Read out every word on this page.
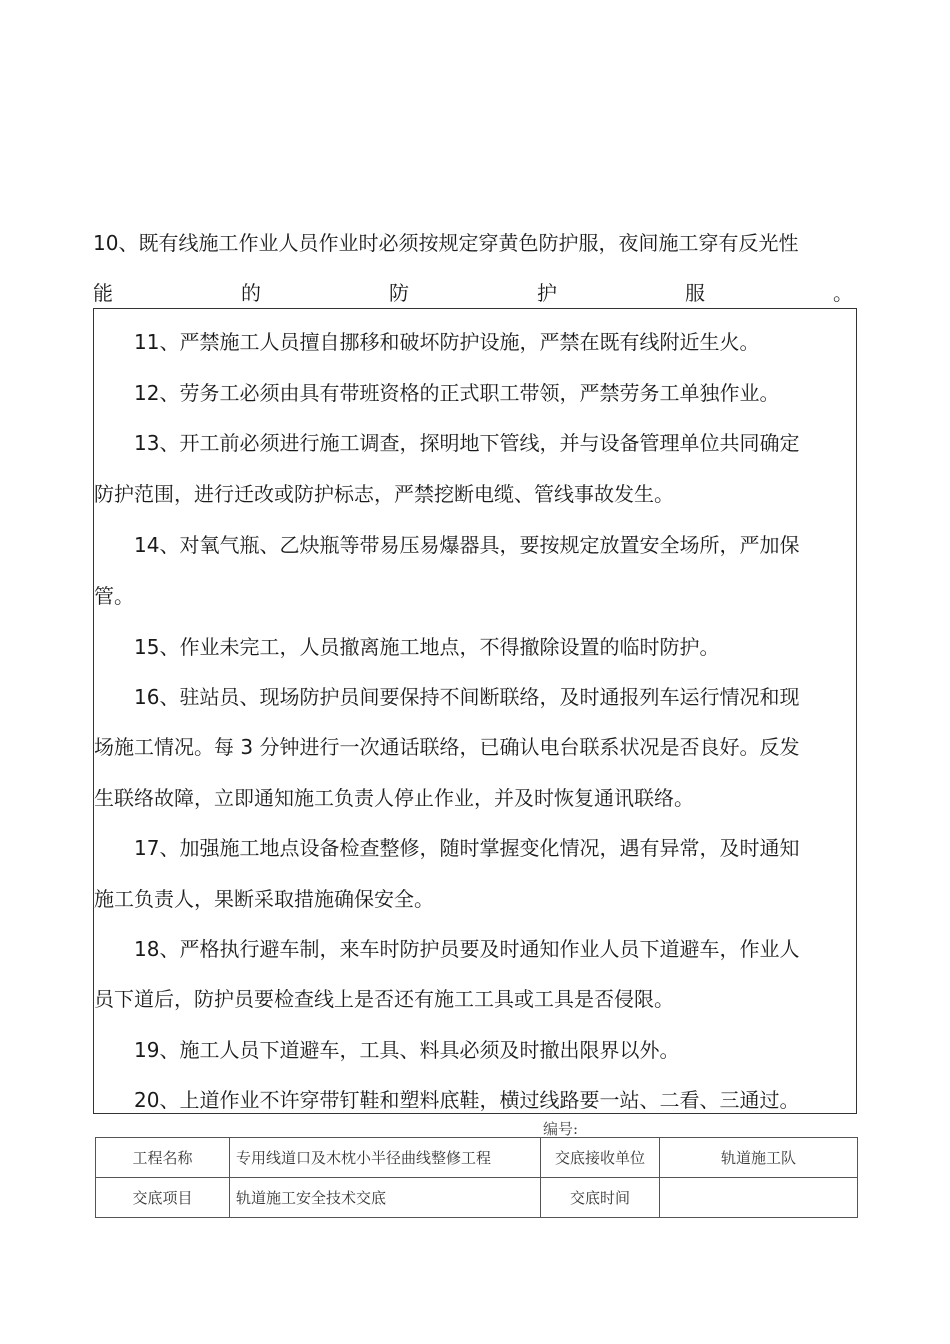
10、既有线施工作业人员作业时必须按规定穿黄色防护服，夜间施工穿有反光性
能	的	防	护	服	。
11、严禁施工人员擅自挪移和破坏防护设施，严禁在既有线附近生火。
12、劳务工必须由具有带班资格的正式职工带领，严禁劳务工单独作业。
13、开工前必须进行施工调查，探明地下管线，并与设备管理单位共同确定
防护范围，进行迁改或防护标志，严禁挖断电缆、管线事故发生。
14、对氧气瓶、乙炔瓶等带易压易爆器具，要按规定放置安全场所，严加保
管。
15、作业未完工，人员撤离施工地点，不得撤除设置的临时防护。
16、驻站员、现场防护员间要保持不间断联络，及时通报列车运行情况和现
场施工情况。每 3 分钟进行一次通话联络，已确认电台联系状况是否良好。反发
生联络故障，立即通知施工负责人停止作业，并及时恢复通讯联络。
17、加强施工地点设备检查整修，随时掌握变化情况，遇有异常，及时通知
施工负责人，果断采取措施确保安全。
18、严格执行避车制，来车时防护员要及时通知作业人员下道避车，作业人
员下道后，防护员要检查线上是否还有施工工具或工具是否侵限。
19、施工人员下道避车，工具、料具必须及时撤出限界以外。
20、上道作业不许穿带钉鞋和塑料底鞋，横过线路要一站、二看、三通过。
编号:
工程名称	专用线道口及木枕小半径曲线整修工程	交底接收单位	轨道施工队
交底项目	轨道施工安全技术交底	交底时间	
